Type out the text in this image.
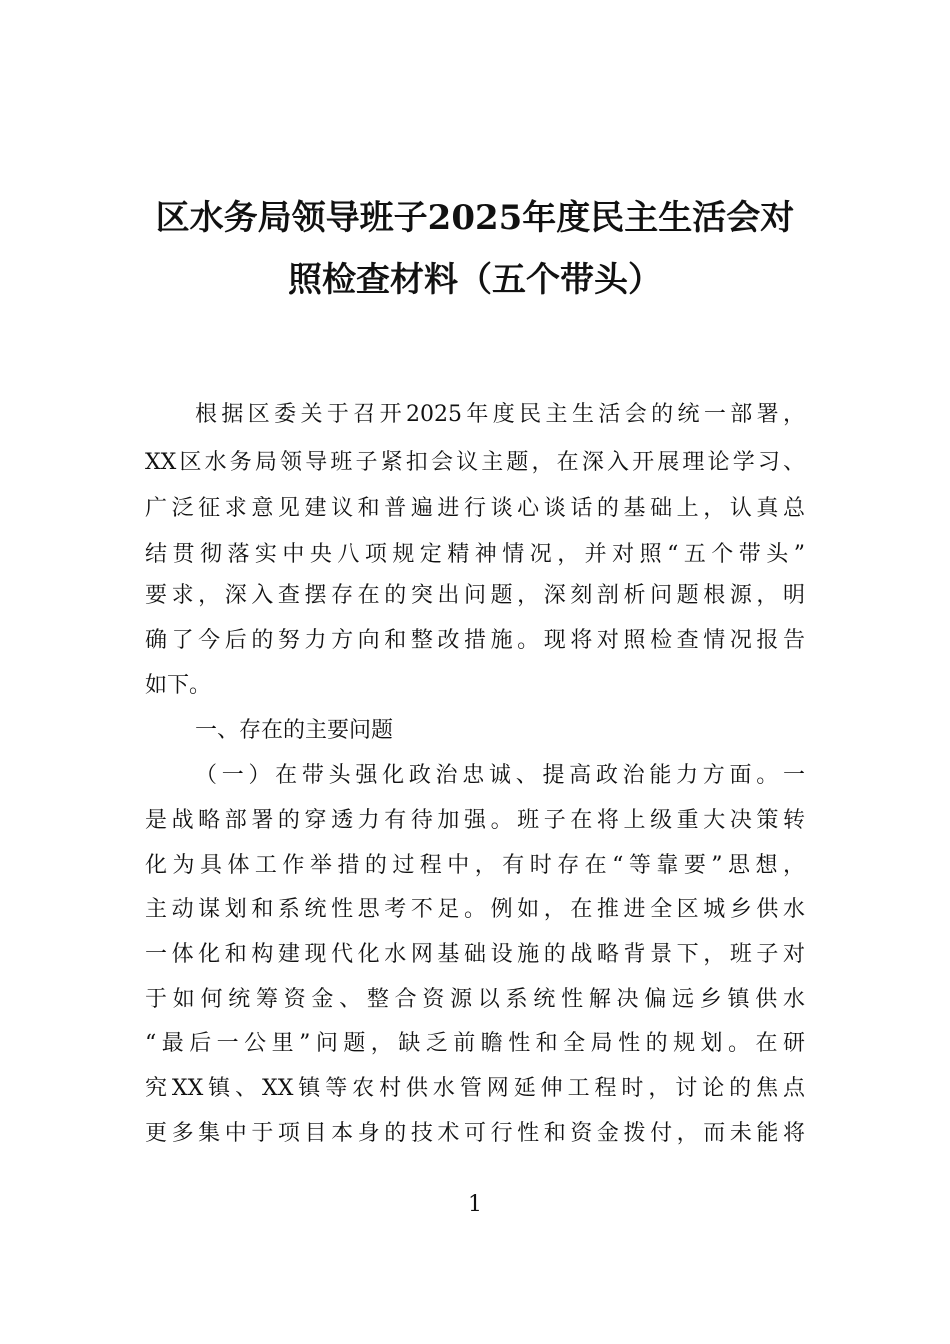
区水务局领导班子2025年度民主生活会对
照检查材料（五个带头）
根据区委关于召开2025年度民主生活会的统一部署，
XX区水务局领导班子紧扣会议主题，在深入开展理论学习、
广泛征求意见建议和普遍进行谈心谈话的基础上，认真总
结贯彻落实中央八项规定精神情况，并对照“五个带头”
要求，深入查摆存在的突出问题，深刻剖析问题根源，明
确了今后的努力方向和整改措施。现将对照检查情况报告
如下。
一、存在的主要问题
（一）在带头强化政治忠诚、提高政治能力方面。一
是战略部署的穿透力有待加强。班子在将上级重大决策转
化为具体工作举措的过程中，有时存在“等靠要”思想，
主动谋划和系统性思考不足。例如，在推进全区城乡供水
一体化和构建现代化水网基础设施的战略背景下，班子对
于如何统筹资金、整合资源以系统性解决偏远乡镇供水
“最后一公里”问题，缺乏前瞻性和全局性的规划。在研
究XX镇、XX镇等农村供水管网延伸工程时，讨论的焦点
更多集中于项目本身的技术可行性和资金拨付，而未能将
1
